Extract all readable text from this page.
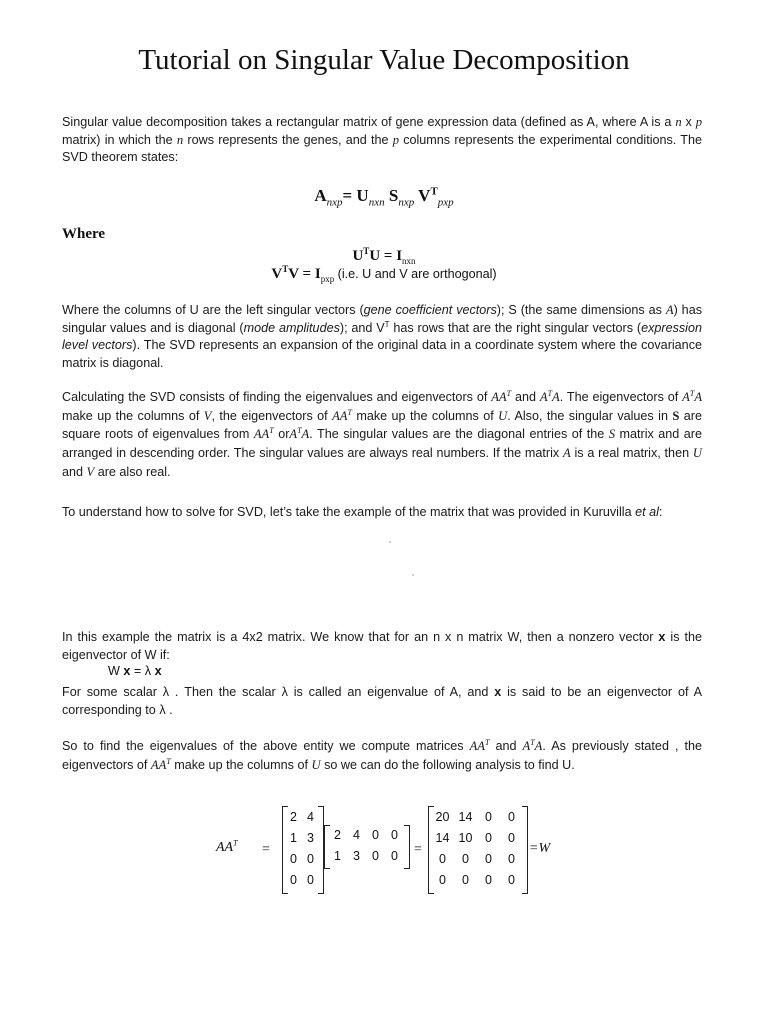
Tutorial on Singular Value Decomposition
Singular value decomposition takes a rectangular matrix of gene expression data (defined as A, where A is a n x p matrix) in which the n rows represents the genes, and the p columns represents the experimental conditions. The SVD theorem states:
$A_{nxp}= U_{nxn}$ $S_{nxp}$ $V^T_{pxp}$
Where
$U^TU = I_{nxn}$
$V^TV = I_{pxp}$ (i.e. U and V are orthogonal)
Where the columns of U are the left singular vectors (gene coefficient vectors); S (the same dimensions as A) has singular values and is diagonal (mode amplitudes); and $V^T$ has rows that are the right singular vectors (expression level vectors). The SVD represents an expansion of the original data in a coordinate system where the covariance matrix is diagonal.
Calculating the SVD consists of finding the eigenvalues and eigenvectors of $AA^T$ and $A^TA$. The eigenvectors of $A^TA$ make up the columns of V, the eigenvectors of $AA^T$ make up the columns of U. Also, the singular values in S are square roots of eigenvalues from $AA^T$ orA$^T$A. The singular values are the diagonal entries of the S matrix and are arranged in descending order. The singular values are always real numbers. If the matrix A is a real matrix, then U and V are also real.
To understand how to solve for SVD, let’s take the example of the matrix that was provided in Kuruvilla et al:
In this example the matrix is a 4x2 matrix. We know that for an n x n matrix W, then a nonzero vector x is the eigenvector of W if:
W x = λ x
For some scalar λ . Then the scalar λ is called an eigenvalue of A, and x is said to be an eigenvector of A corresponding to λ .
So to find the eigenvalues of the above entity we compute matrices $AA^T$ and $A^TA$. As previously stated , the eigenvectors of $AA^T$ make up the columns of U so we can do the following analysis to find U.
$AA^T$ =
2 4
1 3
0 0
0 0
2 4 0 0
1 3 0 0	=
20 14	0	0
14 10	0	0
0	0	0	0
0	0	0	0
=W
